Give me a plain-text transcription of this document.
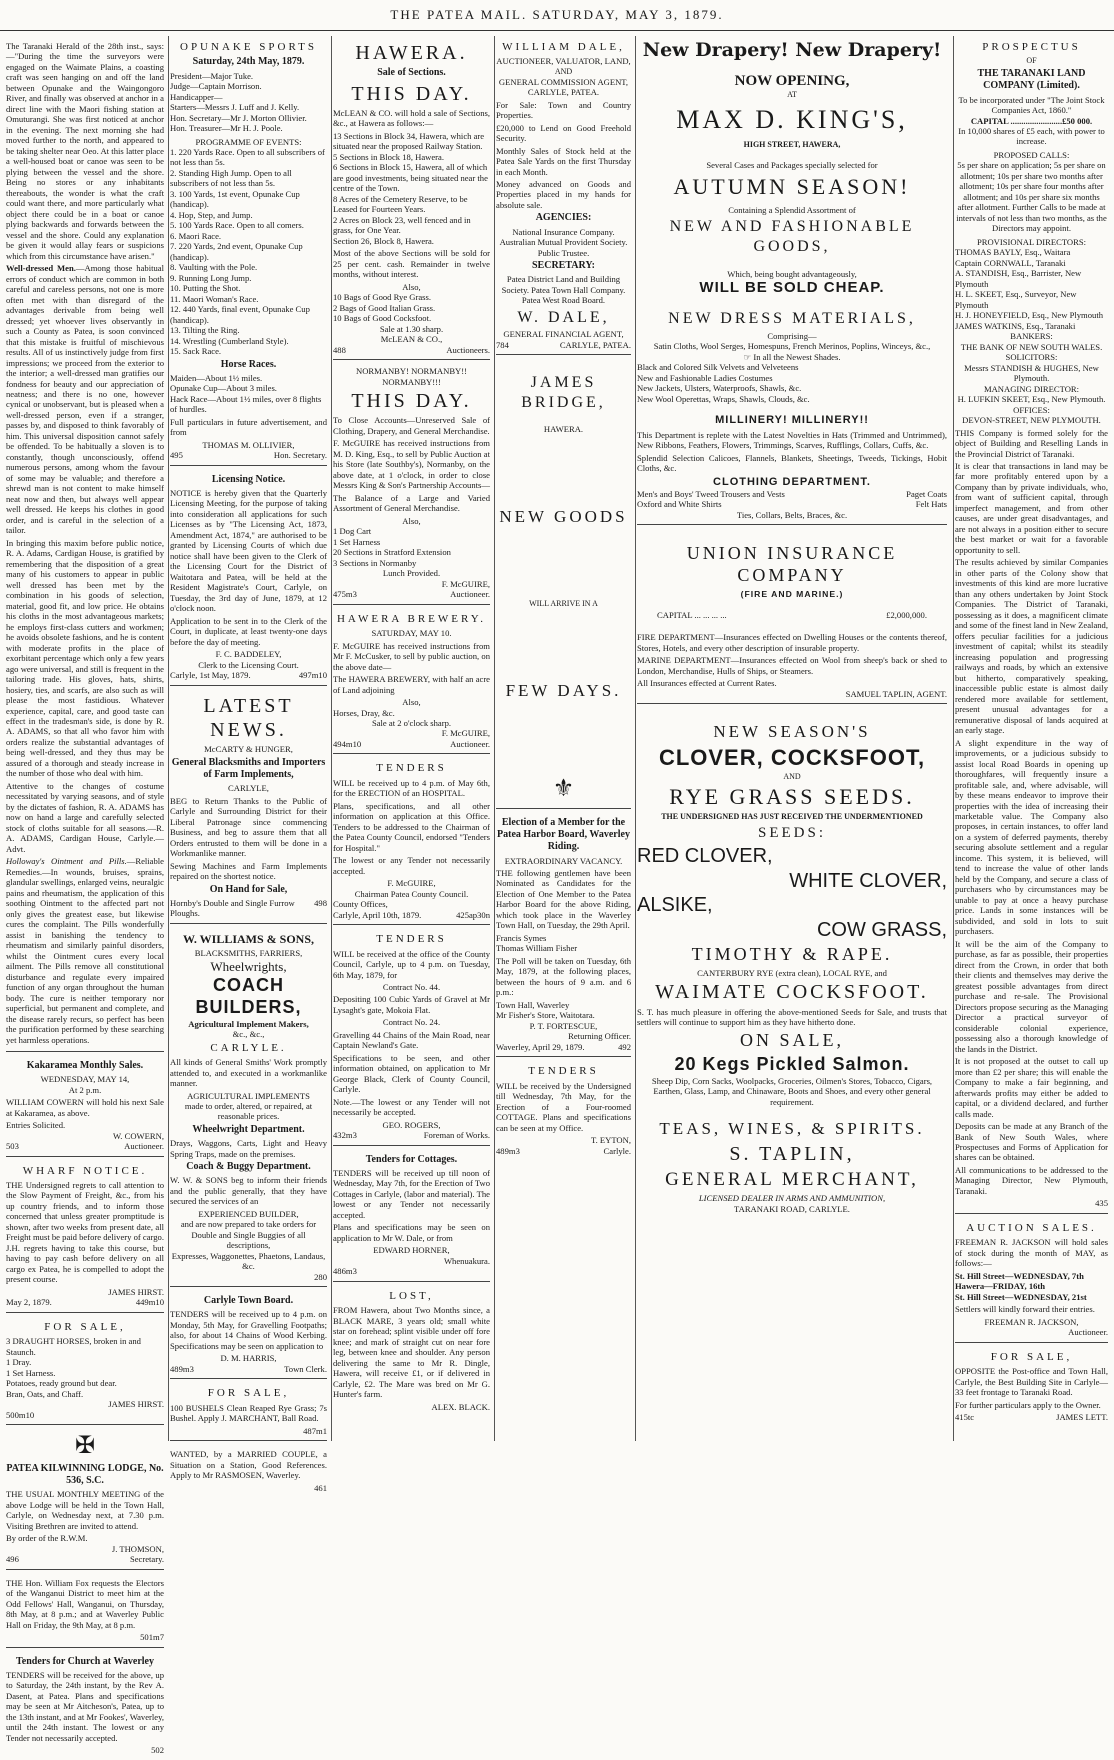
THE PATEA MAIL. SATURDAY, MAY 3, 1879.

The Taranaki Herald of the 28th inst., says:—"During the time the surveyors were engaged on the Waimate Plains, a coasting craft was seen hanging on and off the land between Opunake and the Waingongoro River, and finally was observed at anchor in a direct line with the Maori fishing station at Omuturangi. She was first noticed at anchor in the evening. The next morning she had moved further to the north, and appeared to be taking shelter near Oeo. At this latter place a well-housed boat or canoe was seen to be plying between the vessel and the shore. Being no stores or any inhabitants thereabouts, the wonder is what the craft could want there, and more particularly what object there could be in a boat or canoe plying backwards and forwards between the vessel and the shore. Could any explanation be given it would allay fears or suspicions which from this circumstance have arisen."

Well-dressed Men.—Among those habitual errors of conduct which are common in both careful and careless persons, not one is more often met with than disregard of the advantages derivable from being well dressed; yet whoever lives observantly in such a County as Patea, is soon convinced that this mistake is fruitful of mischievous results. All of us instinctively judge from first impressions; we proceed from the exterior to the interior; a well-dressed man gratifies our fondness for beauty and our appreciation of neatness; and there is no one, however cynical or unobservant, but is pleased when a well-dressed person, even if a stranger, passes by, and disposed to think favorably of him. This universal disposition cannot safely be offended. To be habitually a sloven is to constantly, though unconsciously, offend numerous persons, among whom the favour of some may be valuable; and therefore a shrewd man is not content to make himself neat now and then, but always well appear well dressed. He keeps his clothes in good order, and is careful in the selection of a tailor.

In bringing this maxim before public notice, R. A. Adams, Cardigan House, is gratified by remembering that the disposition of a great many of his customers to appear in public well dressed has been met by the combination in his goods of selection, material, good fit, and low price. He obtains his cloths in the most advantageous markets; he employs first-class cutters and workmen; he avoids obsolete fashions, and he is content with moderate profits in the place of exorbitant percentage which only a few years ago were universal, and still is frequent in the tailoring trade. His gloves, hats, shirts, hosiery, ties, and scarfs, are also such as will please the most fastidious. Whatever experience, capital, care, and good taste can effect in the tradesman's side, is done by R. A. ADAMS, so that all who favor him with orders realize the substantial advantages of being well-dressed, and they thus may be assured of a thorough and steady increase in the number of those who deal with him.

Attentive to the changes of costume necessitated by varying seasons, and of style by the dictates of fashion, R. A. ADAMS has now on hand a large and carefully selected stock of cloths suitable for all seasons.—R. A. ADAMS, Cardigan House, Carlyle.—Advt.

Holloway's Ointment and Pills.—Reliable Remedies.—In wounds, bruises, sprains, glandular swellings, enlarged veins, neuralgic pains and rheumatism, the application of this soothing Ointment to the affected part not only gives the greatest ease, but likewise cures the complaint. The Pills wonderfully assist in banishing the tendency to rheumatism and similarly painful disorders, whilst the Ointment cures every local ailment. The Pills remove all constitutional disturbance and regulate every impaired function of any organ throughout the human body. The cure is neither temporary nor superficial, but permanent and complete, and the disease rarely recurs, so perfect has been the purification performed by these searching yet harmless operations.

Kakaramea Monthly Sales.
WEDNESDAY, MAY 14,
At 2 p.m.

WILLIAM COWERN will hold his next Sale at Kakaramea, as above.

Entries Solicited.
W. COWERN,
503	Auctioneer.
WHARF NOTICE.

THE Undersigned regrets to call attention to the Slow Payment of Freight, &c., from his up country friends, and to inform those concerned that unless greater promptitude is shown, after two weeks from present date, all Freight must be paid before delivery of cargo. J.H. regrets having to take this course, but having to pay cash before delivery on all cargo ex Patea, he is compelled to adopt the present course.

JAMES HIRST.
May 2, 1879.	449m10
FOR SALE,
3 DRAUGHT HORSES, broken in and Staunch.
1 Dray.
1 Set Harness.
Potatoes, ready ground but dear.
Bran, Oats, and Chaff.
JAMES HIRST.
500m10
✠
PATEA KILWINNING LODGE, No. 536, S.C.

THE USUAL MONTHLY MEETING of the above Lodge will be held in the Town Hall, Carlyle, on Wednesday next, at 7.30 p.m. Visiting Brethren are invited to attend.

By order of the R.W.M.
J. THOMSON,
496	Secretary.

THE Hon. William Fox requests the Electors of the Wanganui District to meet him at the Odd Fellows' Hall, Wanganui, on Thursday, 8th May, at 8 p.m.; and at Waverley Public Hall on Friday, the 9th May, at 8 p.m.

501m7
Tenders for Church at Waverley

TENDERS will be received for the above, up to Saturday, the 24th instant, by the Rev A. Dasent, at Patea. Plans and specifications may be seen at Mr Aitcheson's, Patea, up to the 13th instant, and at Mr Fookes', Waverley, until the 24th instant. The lowest or any Tender not necessarily accepted.

502
OPUNAKE SPORTS
Saturday, 24th May, 1879.
President—Major Tuke.
Judge—Captain Morrison.
Handicapper—
Starters—Messrs J. Luff and J. Kelly.
Hon. Secretary—Mr J. Morton Ollivier.
Hon. Treasurer—Mr H. J. Poole.
PROGRAMME OF EVENTS:
1. 220 Yards Race. Open to all subscribers of not less than 5s.
2. Standing High Jump. Open to all subscribers of not less than 5s.
3. 100 Yards, 1st event, Opunake Cup (handicap).
4. Hop, Step, and Jump.
5. 100 Yards Race. Open to all comers.
6. Maori Race.
7. 220 Yards, 2nd event, Opunake Cup (handicap).
8. Vaulting with the Pole.
9. Running Long Jump.
10. Putting the Shot.
11. Maori Woman's Race.
12. 440 Yards, final event, Opunake Cup (handicap).
13. Tilting the Ring.
14. Wrestling (Cumberland Style).
15. Sack Race.
Horse Races.
Maiden—About 1½ miles.
Opunake Cup—About 3 miles.
Hack Race—About 1½ miles, over 8 flights of hurdles.

Full particulars in future advertisement, and from

THOMAS M. OLLIVIER,
495	Hon. Secretary.
Licensing Notice.

NOTICE is hereby given that the Quarterly Licensing Meeting, for the purpose of taking into consideration all applications for such Licenses as by "The Licensing Act, 1873, Amendment Act, 1874," are authorised to be granted by Licensing Courts of which due notice shall have been given to the Clerk of the Licensing Court for the District of Waitotara and Patea, will be held at the Resident Magistrate's Court, Carlyle, on Tuesday, the 3rd day of June, 1879, at 12 o'clock noon.

Application to be sent in to the Clerk of the Court, in duplicate, at least twenty-one days before the day of meeting.

F. C. BADDELEY,
Clerk to the Licensing Court.
Carlyle, 1st May, 1879.	497m10
LATEST NEWS.
McCARTY & HUNGER,
General Blacksmiths and Importers of Farm Implements,
CARLYLE,

BEG to Return Thanks to the Public of Carlyle and Surrounding District for their Liberal Patronage since commencing Business, and beg to assure them that all Orders entrusted to them will be done in a Workmanlike manner.

Sewing Machines and Farm Implements repaired on the shortest notice.

On Hand for Sale,
Hornby's Double and Single Furrow Ploughs.
498
W. WILLIAMS & SONS,
BLACKSMITHS, FARRIERS,
Wheelwrights,
COACH BUILDERS,
Agricultural Implement Makers,
&c., &c.,
CARLYLE.

All kinds of General Smiths' Work promptly attended to, and executed in a workmanlike manner.

AGRICULTURAL IMPLEMENTS
made to order, altered, or repaired, at reasonable prices.
Wheelwright Department.

Drays, Waggons, Carts, Light and Heavy Spring Traps, made on the premises.

Coach & Buggy Department.

W. W. & SONS beg to inform their friends and the public generally, that they have secured the services of an

EXPERIENCED BUILDER,
and are now prepared to take orders for
Double and Single Buggies of all descriptions,
Expresses, Waggonettes, Phaetons, Landaus, &c.
280
Carlyle Town Board.

TENDERS will be received up to 4 p.m. on Monday, 5th May, for Gravelling Footpaths; also, for about 14 Chains of Wood Kerbing. Specifications may be seen on application to

D. M. HARRIS,
489m3	Town Clerk.
FOR SALE,

100 BUSHELS Clean Reaped Rye Grass; 7s Bushel. Apply J. MARCHANT, Ball Road.

487m1

WANTED, by a MARRIED COUPLE, a Situation on a Station, Good References. Apply to Mr RASMOSEN, Waverley.

461
HAWERA.
Sale of Sections.
THIS DAY.

McLEAN & CO. will hold a sale of Sections, &c., at Hawera as follows:—

13 Sections in Block 34, Hawera, which are situated near the proposed Railway Station.
5 Sections in Block 18, Hawera.
6 Sections in Block 15, Hawera, all of which are good investments, being situated near the centre of the Town.
8 Acres of the Cemetery Reserve, to be Leased for Fourteen Years.
2 Acres on Block 23, well fenced and in grass, for One Year.
Section 26, Block 8, Hawera.

Most of the above Sections will be sold for 25 per cent. cash. Remainder in twelve months, without interest.

Also,
10 Bags of Good Rye Grass.
2 Bags of Good Italian Grass.
10 Bags of Good Cocksfoot.
Sale at 1.30 sharp.
McLEAN & CO.,
488	Auctioneers.
NORMANBY! NORMANBY!! NORMANBY!!!
THIS DAY.

To Close Accounts—Unreserved Sale of Clothing, Drapery, and General Merchandise.

F. McGUIRE has received instructions from M. D. King, Esq., to sell by Public Auction at his Store (late Southby's), Normanby, on the above date, at 1 o'clock, in order to close Messrs King & Son's Partnership Accounts—

The Balance of a Large and Varied Assortment of General Merchandise.

Also,
1 Dog Cart
1 Set Harness
20 Sections in Stratford Extension
3 Sections in Normanby
Lunch Provided.
F. McGUIRE,
475m3	Auctioneer.
HAWERA BREWERY.
SATURDAY, MAY 10.

F. McGUIRE has received instructions from Mr F. McCusker, to sell by public auction, on the above date—

The HAWERA BREWERY, with half an acre of Land adjoining

Also,
Horses, Dray, &c.
Sale at 2 o'clock sharp.
F. McGUIRE,
494m10	Auctioneer.
TENDERS

WILL be received up to 4 p.m. of May 6th, for the ERECTION of an HOSPITAL.

Plans, specifications, and all other information on application at this Office. Tenders to be addressed to the Chairman of the Patea County Council, endorsed "Tenders for Hospital."

The lowest or any Tender not necessarily accepted.

F. McGUIRE,
Chairman Patea County Council.
County Offices,
Carlyle, April 10th, 1879.	425ap30n
TENDERS

WILL be received at the office of the County Council, Carlyle, up to 4 p.m. on Tuesday, 6th May, 1879, for

Contract No. 44.

Depositing 100 Cubic Yards of Gravel at Mr Lysaght's gate, Mokoia Flat.

Contract No. 24.

Gravelling 44 Chains of the Main Road, near Captain Newland's Gate.

Specifications to be seen, and other information obtained, on application to Mr George Black, Clerk of County Council, Carlyle.

Note.—The lowest or any Tender will not necessarily be accepted.

GEO. ROGERS,
432m3	Foreman of Works.
Tenders for Cottages.

TENDERS will be received up till noon of Wednesday, May 7th, for the Erection of Two Cottages in Carlyle, (labor and material). The lowest or any Tender not necessarily accepted.

Plans and specifications may be seen on application to Mr W. Dale, or from

EDWARD HORNER,
Whenuakura.
486m3
LOST,

FROM Hawera, about Two Months since, a BLACK MARE, 3 years old; small white star on forehead; splint visible under off fore knee; and mark of straight cut on near fore leg, between knee and shoulder. Any person delivering the same to Mr R. Dingle, Hawera, will receive £1, or if delivered in Carlyle, £2. The Mare was bred on Mr G. Hunter's farm.

ALEX. BLACK.
WILLIAM DALE,
AUCTIONEER, VALUATOR, LAND,
AND
GENERAL COMMISSION AGENT,
CARLYLE, PATEA.

For Sale: Town and Country Properties.

£20,000 to Lend on Good Freehold Security.

Monthly Sales of Stock held at the Patea Sale Yards on the first Thursday in each Month.

Money advanced on Goods and Properties placed in my hands for absolute sale.

AGENCIES:
National Insurance Company. Australian Mutual Provident Society. Public Trustee.
SECRETARY:
Patea District Land and Building Society. Patea Town Hall Company. Patea West Road Board.
W. DALE,
GENERAL FINANCIAL AGENT,
784	CARLYLE, PATEA.
JAMES BRIDGE,
HAWERA.
NEW GOODS
WILL ARRIVE IN A
FEW DAYS.
⚜
Election of a Member for the Patea Harbor Board, Waverley Riding.
EXTRAORDINARY VACANCY.

THE following gentlemen have been Nominated as Candidates for the Election of One Member to the Patea Harbor Board for the above Riding, which took place in the Waverley Town Hall, on Tuesday, the 29th April.

Francis Symes
Thomas William Fisher

The Poll will be taken on Tuesday, 6th May, 1879, at the following places, between the hours of 9 a.m. and 6 p.m.:

Town Hall, Waverley
Mr Fisher's Store, Waitotara.
P. T. FORTESCUE,
Returning Officer.
Waverley, April 29, 1879.	492
TENDERS

WILL be received by the Undersigned till Wednesday, 7th May, for the Erection of a Four-roomed COTTAGE. Plans and specifications can be seen at my Office.

T. EYTON,
489m3	Carlyle.
New Drapery! New Drapery!
NOW OPENING,
AT
MAX D. KING'S,
HIGH STREET, HAWERA,
Several Cases and Packages specially selected for
AUTUMN SEASON!
Containing a Splendid Assortment of
NEW AND FASHIONABLE GOODS,
Which, being bought advantageously,
WILL BE SOLD CHEAP.
NEW DRESS MATERIALS,
Comprising—
Satin Cloths, Wool Serges, Homespuns, French Merinos, Poplins, Winceys, &c.,
☞ In all the Newest Shades.
Black and Colored Silk Velvets and Velveteens
New and Fashionable Ladies Costumes
New Jackets, Ulsters, Waterproofs, Shawls, &c.
New Wool Operettas, Wraps, Shawls, Clouds, &c.
MILLINERY! MILLINERY!!

This Department is replete with the Latest Novelties in Hats (Trimmed and Untrimmed), New Ribbons, Feathers, Flowers, Trimmings, Scarves, Rufflings, Collars, Cuffs, &c.

Splendid Selection Calicoes, Flannels, Blankets, Sheetings, Tweeds, Tickings, Hobit Cloths, &c.

CLOTHING DEPARTMENT.
Men's and Boys' Tweed Trousers and Vests	Paget Coats
Oxford and White Shirts	Felt Hats
Ties, Collars, Belts, Braces, &c.
UNION INSURANCE COMPANY
(FIRE AND MARINE.)
CAPITAL ... ... ... ...	£2,000,000.

FIRE DEPARTMENT—Insurances effected on Dwelling Houses or the contents thereof, Stores, Hotels, and every other description of insurable property.

MARINE DEPARTMENT—Insurances effected on Wool from sheep's back or shed to London, Merchandise, Hulls of Ships, or Steamers.

All Insurances effected at Current Rates.
SAMUEL TAPLIN, AGENT.
NEW SEASON'S
CLOVER, COCKSFOOT,
AND
RYE GRASS SEEDS.
THE UNDERSIGNED HAS JUST RECEIVED THE UNDERMENTIONED
SEEDS:
RED CLOVER,
WHITE CLOVER,
ALSIKE,
COW GRASS,
TIMOTHY & RAPE.
CANTERBURY RYE (extra clean), LOCAL RYE, and
WAIMATE COCKSFOOT.

S. T. has much pleasure in offering the above-mentioned Seeds for Sale, and trusts that settlers will continue to support him as they have hitherto done.

ON SALE,
20 Kegs Pickled Salmon.
Sheep Dip, Corn Sacks, Woolpacks, Groceries, Oilmen's Stores, Tobacco, Cigars, Earthen, Glass, Lamp, and Chinaware, Boots and Shoes, and every other general requirement.
TEAS, WINES, & SPIRITS.
S. TAPLIN,
GENERAL MERCHANT,
LICENSED DEALER IN ARMS AND AMMUNITION,
TARANAKI ROAD, CARLYLE.
PROSPECTUS
OF
THE TARANAKI LAND COMPANY (Limited).
To be incorporated under "The Joint Stock Companies Act, 1860."
CAPITAL ........................£50 000.
In 10,000 shares of £5 each, with power to increase.
PROPOSED CALLS:
5s per share on application; 5s per share on allotment; 10s per share two months after allotment; 10s per share four months after allotment; and 10s per share six months after allotment. Further Calls to be made at intervals of not less than two months, as the Directors may appoint.
PROVISIONAL DIRECTORS:
THOMAS BAYLY, Esq., Waitara
Captain CORNWALL, Taranaki
A. STANDISH, Esq., Barrister, New Plymouth
H. L. SKEET, Esq., Surveyor, New Plymouth
H. J. HONEYFIELD, Esq., New Plymouth
JAMES WATKINS, Esq., Taranaki
BANKERS:
THE BANK OF NEW SOUTH WALES.
SOLICITORS:
Messrs STANDISH & HUGHES, New Plymouth.
MANAGING DIRECTOR:
H. LUFKIN SKEET, Esq., New Plymouth.
OFFICES:
DEVON-STREET, NEW PLYMOUTH.

THIS Company is formed solely for the object of Building and Reselling Lands in the Provincial District of Taranaki.

It is clear that transactions in land may be far more profitably entered upon by a Company than by private individuals, who, from want of sufficient capital, through imperfect management, and from other causes, are under great disadvantages, and are not always in a position either to secure the best market or wait for a favorable opportunity to sell.

The results achieved by similar Companies in other parts of the Colony show that investments of this kind are more lucrative than any others undertaken by Joint Stock Companies. The District of Taranaki, possessing as it does, a magnificent climate and some of the finest land in New Zealand, offers peculiar facilities for a judicious investment of capital; whilst its steadily increasing population and progressing railways and roads, by which an extensive but hitherto, comparatively speaking, inaccessible public estate is almost daily rendered more available for settlement, present unusual advantages for a remunerative disposal of lands acquired at an early stage.

A slight expenditure in the way of improvements, or a judicious subsidy to assist local Road Boards in opening up thoroughfares, will frequently insure a profitable sale, and, where advisable, will by these means endeavor to improve their properties with the idea of increasing their marketable value. The Company also proposes, in certain instances, to offer land on a system of deferred payments, thereby securing absolute settlement and a regular income. This system, it is believed, will tend to increase the value of other lands held by the Company, and secure a class of purchasers who by circumstances may be unable to pay at once a heavy purchase price. Lands in some instances will be subdivided, and sold in lots to suit purchasers.

It will be the aim of the Company to purchase, as far as possible, their properties direct from the Crown, in order that both their clients and themselves may derive the greatest possible advantages from direct purchase and re-sale. The Provisional Directors propose securing as the Managing Director a practical surveyor of considerable colonial experience, possessing also a thorough knowledge of the lands in the District.

It is not proposed at the outset to call up more than £2 per share; this will enable the Company to make a fair beginning, and afterwards profits may either be added to capital, or a dividend declared, and further calls made.

Deposits can be made at any Branch of the Bank of New South Wales, where Prospectuses and Forms of Application for shares can be obtained.

All communications to be addressed to the Managing Director, New Plymouth, Taranaki.

435
AUCTION SALES.

FREEMAN R. JACKSON will hold sales of stock during the month of MAY, as follows:—

St. Hill Street—WEDNESDAY, 7th
Hawera—FRIDAY, 16th
St. Hill Street—WEDNESDAY, 21st

Settlers will kindly forward their entries.

FREEMAN R. JACKSON,
Auctioneer.
FOR SALE,

OPPOSITE the Post-office and Town Hall, Carlyle, the Best Building Site in Carlyle—33 feet frontage to Taranaki Road.

For further particulars apply to the Owner.

415tc	JAMES LETT.
